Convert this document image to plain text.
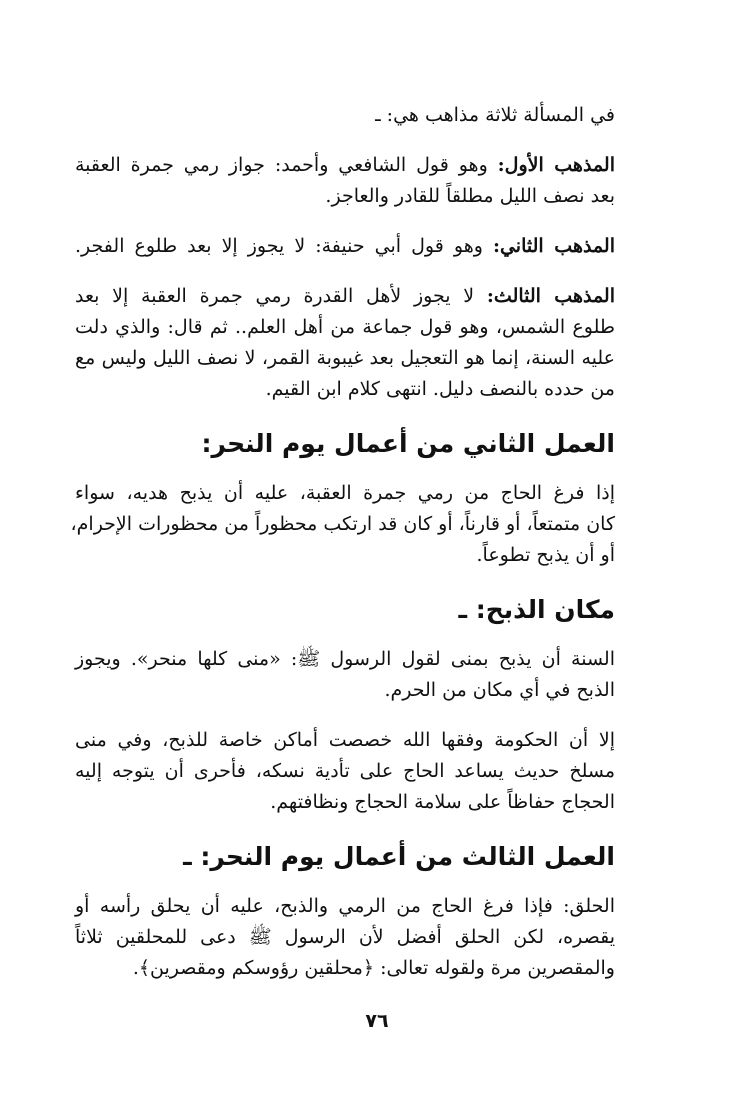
في المسألة ثلاثة مذاهب هي: ـ

المذهب الأول: وهو قول الشافعي وأحمد: جواز رمي جمرة العقبة
بعد نصف الليل مطلقاً للقادر والعاجز.

المذهب الثاني: وهو قول أبي حنيفة: لا يجوز إلا بعد طلوع الفجر.

المذهب الثالث: لا يجوز لأهل القدرة رمي جمرة العقبة إلا بعد
طلوع الشمس، وهو قول جماعة من أهل العلم.. ثم قال: والذي دلت
عليه السنة، إنما هو التعجيل بعد غيبوبة القمر، لا نصف الليل وليس مع
من حدده بالنصف دليل. انتهى كلام ابن القيم.

العمل الثاني من أعمال يوم النحر:

إذا فرغ الحاج من رمي جمرة العقبة، عليه أن يذبح هديه، سواء
كان متمتعاً، أو قارناً، أو كان قد ارتكب محظوراً من محظورات الإحرام،
أو أن يذبح تطوعاً.

مكان الذبح: ـ

السنة أن يذبح بمنى لقول الرسول ﷺ: «منى كلها منحر». ويجوز
الذبح في أي مكان من الحرم.

إلا أن الحكومة وفقها الله خصصت أماكن خاصة للذبح، وفي منى
مسلخ حديث يساعد الحاج على تأدية نسكه، فأحرى أن يتوجه إليه
الحجاج حفاظاً على سلامة الحجاج ونظافتهم.

العمل الثالث من أعمال يوم النحر: ـ

الحلق: فإذا فرغ الحاج من الرمي والذبح، عليه أن يحلق رأسه أو
يقصره، لكن الحلق أفضل لأن الرسول ﷺ دعى للمحلقين ثلاثاً
والمقصرين مرة ولقوله تعالى: ﴿محلقين رؤوسكم ومقصرين﴾.

٧٦
